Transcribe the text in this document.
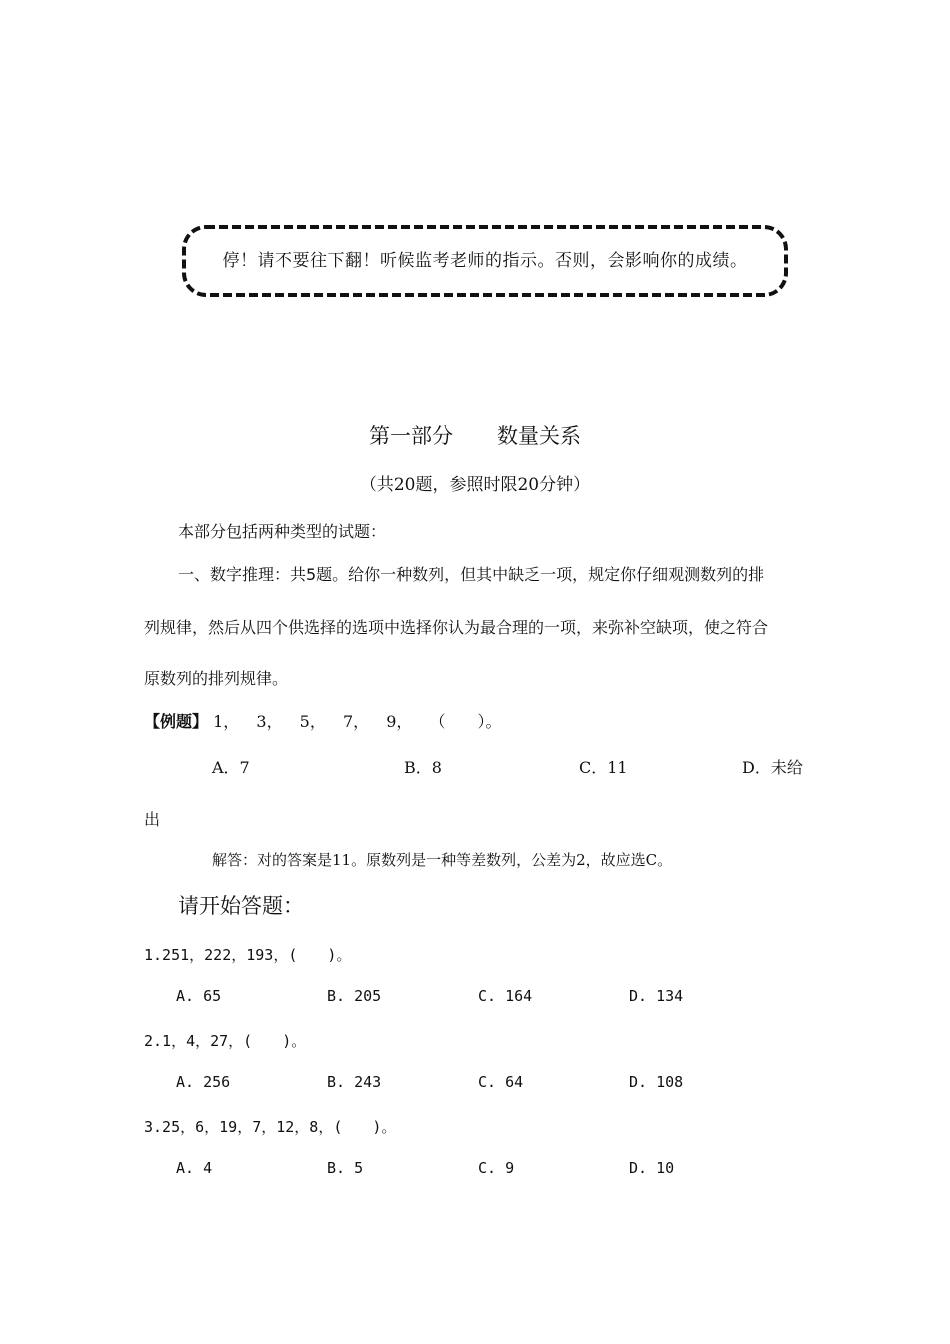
停！请不要往下翻！听候监考老师的指示。否则，会影响你的成绩。
第一部分 数量关系
（共20题，参照时限20分钟）
本部分包括两种类型的试题：
一、数字推理：共5题。给你一种数列，但其中缺乏一项，规定你仔细观测数列的排
列规律，然后从四个供选择的选项中选择你认为最合理的一项，来弥补空缺项，使之符合
原数列的排列规律。
【例题】 1， 3， 5， 7， 9， （　　）。
A．7	B．8	C．11	D．未给
出
解答：对的答案是11。原数列是一种等差数列，公差为2，故应选C。
请开始答题：
1.251，222，193，(　　)。
A. 65	B. 205	C. 164	D. 134
2.1，4，27，(　　)。
A. 256	B. 243	C. 64	D. 108
3.25，6，19，7，12，8，(　　)。
A. 4	B. 5	C. 9	D. 10
